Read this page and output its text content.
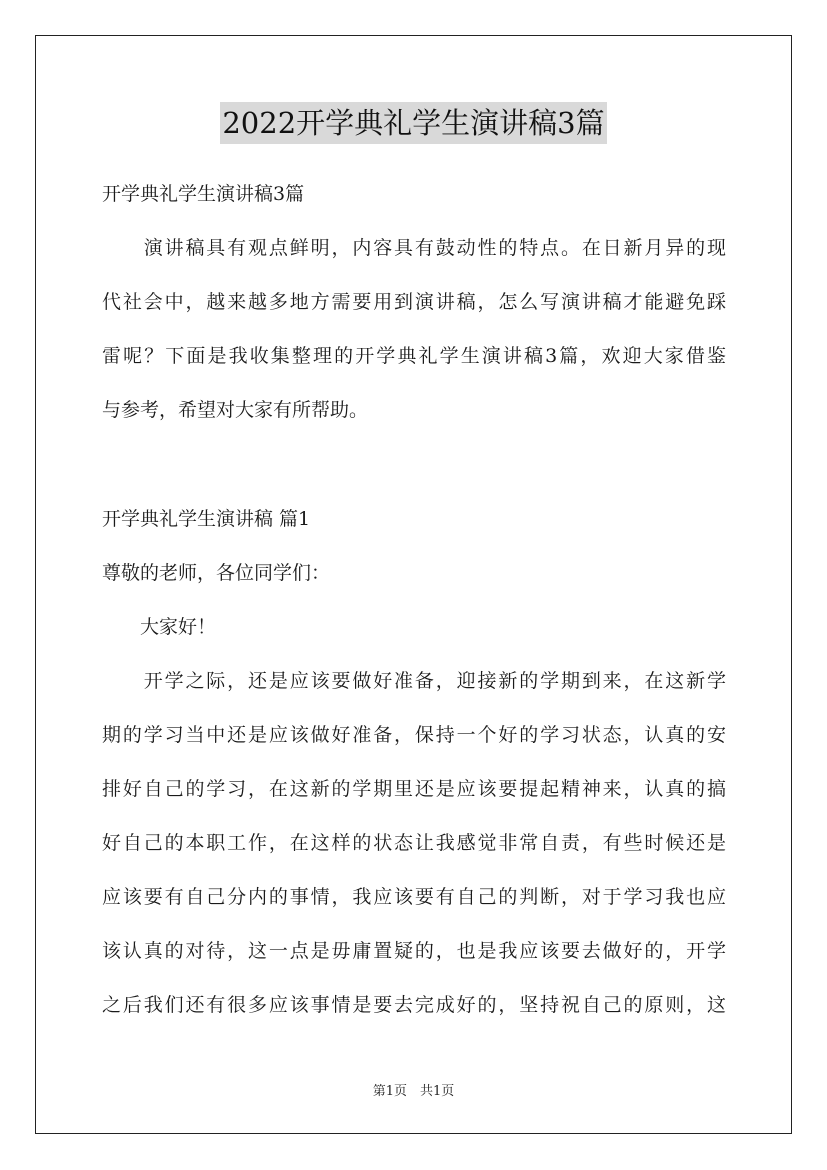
2022开学典礼学生演讲稿3篇
开学典礼学生演讲稿3篇
　　演讲稿具有观点鲜明，内容具有鼓动性的特点。在日新月异的现
代社会中，越来越多地方需要用到演讲稿，怎么写演讲稿才能避免踩
雷呢？下面是我收集整理的开学典礼学生演讲稿3篇，欢迎大家借鉴
与参考，希望对大家有所帮助。
开学典礼学生演讲稿 篇1
尊敬的老师，各位同学们：
　　大家好！
　　开学之际，还是应该要做好准备，迎接新的学期到来，在这新学
期的学习当中还是应该做好准备，保持一个好的学习状态，认真的安
排好自己的学习，在这新的学期里还是应该要提起精神来，认真的搞
好自己的本职工作，在这样的状态让我感觉非常自责，有些时候还是
应该要有自己分内的事情，我应该要有自己的判断，对于学习我也应
该认真的对待，这一点是毋庸置疑的，也是我应该要去做好的，开学
之后我们还有很多应该事情是要去完成好的，坚持祝自己的原则，这
第1页　共1页
